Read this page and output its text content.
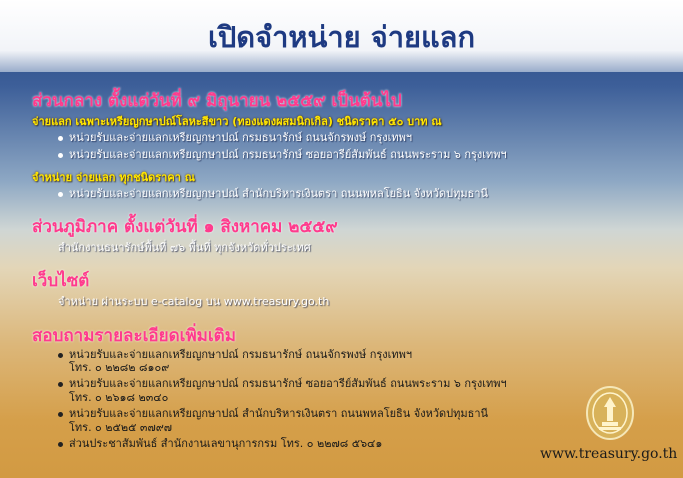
เปิดจำหน่าย จ่ายแลก
ส่วนกลาง ตั้งแต่วันที่ ๙ มิถุนายน ๒๕๕๙ เป็นต้นไป
จ่ายแลก เฉพาะเหรียญกษาปณ์โลหะสีขาว (ทองแดงผสมนิกเกิล) ชนิดราคา ๕๐ บาท ณ
หน่วยรับและจ่ายแลกเหรียญกษาปณ์ กรมธนารักษ์ ถนนจักรพงษ์ กรุงเทพฯ
หน่วยรับและจ่ายแลกเหรียญกษาปณ์ กรมธนารักษ์ ซอยอารีย์สัมพันธ์ ถนนพระราม ๖ กรุงเทพฯ
จำหน่าย จ่ายแลก ทุกชนิดราคา ณ
หน่วยรับและจ่ายแลกเหรียญกษาปณ์ สำนักบริหารเงินตรา ถนนพหลโยธิน จังหวัดปทุมธานี
ส่วนภูมิภาค ตั้งแต่วันที่ ๑ สิงหาคม ๒๕๕๙
สำนักงานธนารักษ์พื้นที่ ๗๖ พื้นที่ ทุกจังหวัดทั่วประเทศ
เว็บไซต์
จำหน่าย ผ่านระบบ e-catalog บน www.treasury.go.th
สอบถามรายละเอียดเพิ่มเติม
หน่วยรับและจ่ายแลกเหรียญกษาปณ์ กรมธนารักษ์ ถนนจักรพงษ์ กรุงเทพฯ
โทร. ๐ ๒๒๘๒ ๘๑๐๙
หน่วยรับและจ่ายแลกเหรียญกษาปณ์ กรมธนารักษ์ ซอยอารีย์สัมพันธ์ ถนนพระราม ๖ กรุงเทพฯ
โทร. ๐ ๒๖๑๘ ๒๓๔๐
หน่วยรับและจ่ายแลกเหรียญกษาปณ์ สำนักบริหารเงินตรา ถนนพหลโยธิน จังหวัดปทุมธานี
โทร. ๐ ๒๕๒๕ ๓๗๙๗
ส่วนประชาสัมพันธ์ สำนักงานเลขานุการกรม โทร. ๐ ๒๒๗๘ ๕๖๔๑
www.treasury.go.th
